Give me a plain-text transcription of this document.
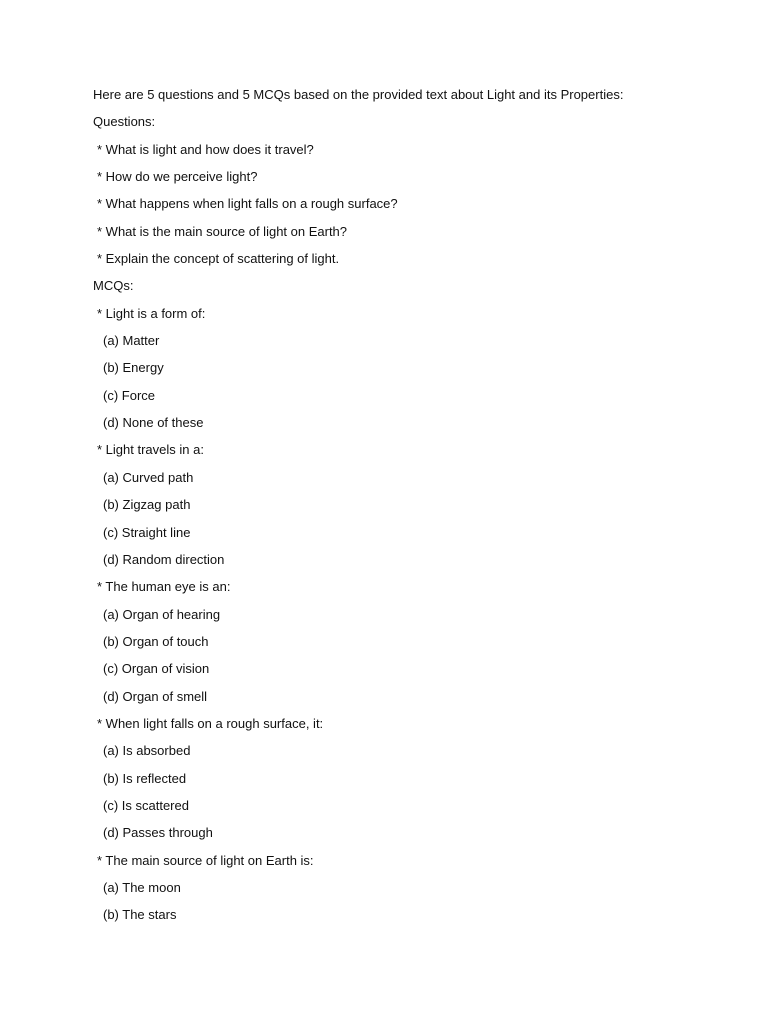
Here are 5 questions and 5 MCQs based on the provided text about Light and its Properties:
Questions:
* What is light and how does it travel?
* How do we perceive light?
* What happens when light falls on a rough surface?
* What is the main source of light on Earth?
* Explain the concept of scattering of light.
MCQs:
* Light is a form of:
(a) Matter
(b) Energy
(c) Force
(d) None of these
* Light travels in a:
(a) Curved path
(b) Zigzag path
(c) Straight line
(d) Random direction
* The human eye is an:
(a) Organ of hearing
(b) Organ of touch
(c) Organ of vision
(d) Organ of smell
* When light falls on a rough surface, it:
(a) Is absorbed
(b) Is reflected
(c) Is scattered
(d) Passes through
* The main source of light on Earth is:
(a) The moon
(b) The stars
